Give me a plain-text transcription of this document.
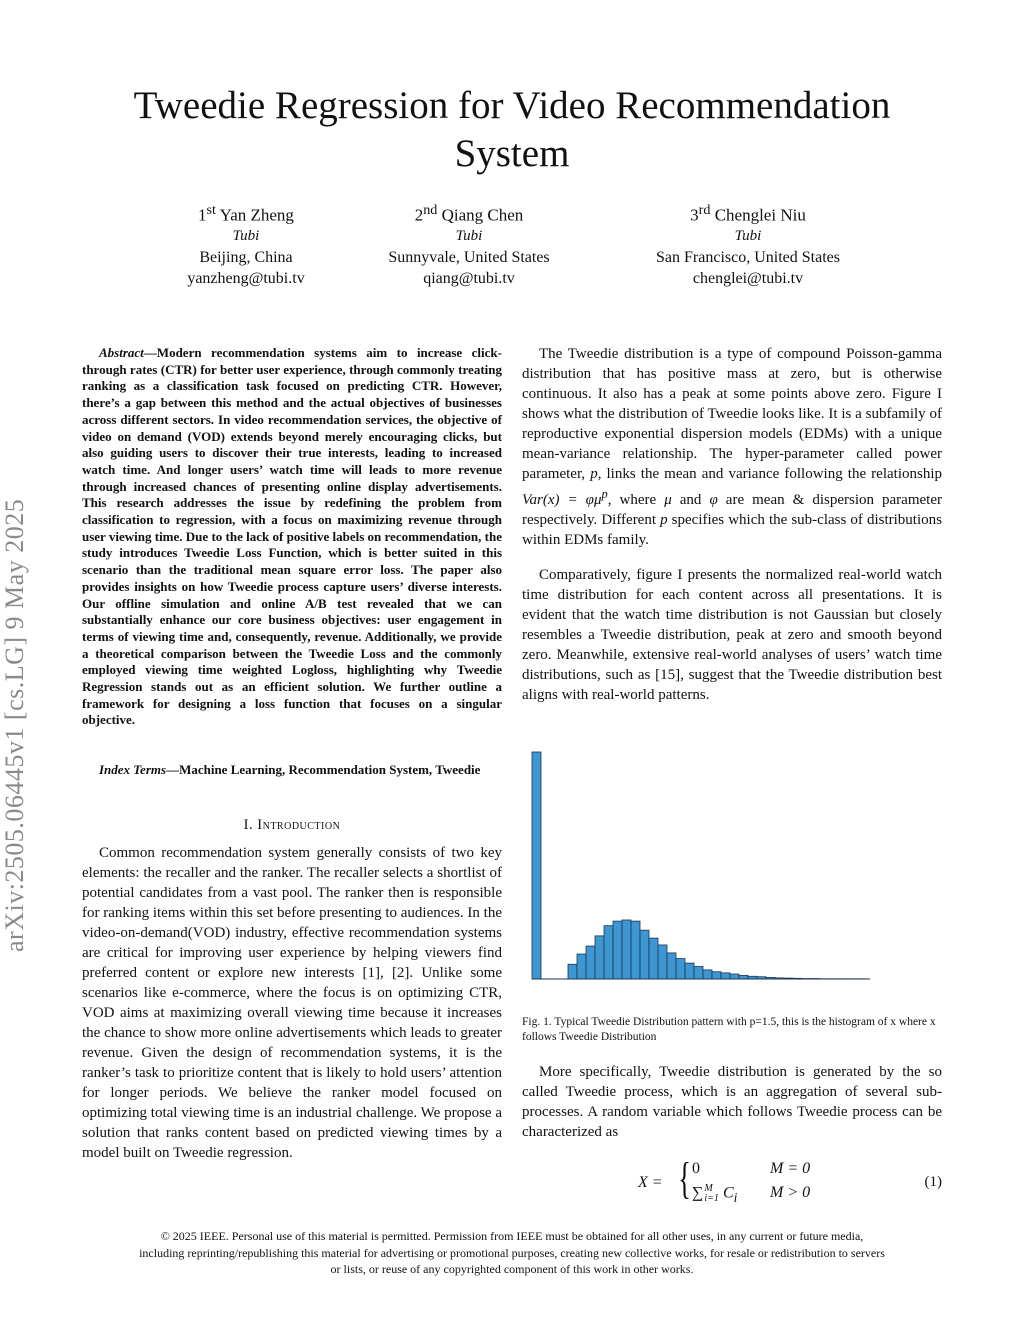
Tweedie Regression for Video Recommendation System
1st Yan Zheng
Tubi
Beijing, China
yanzheng@tubi.tv
2nd Qiang Chen
Tubi
Sunnyvale, United States
qiang@tubi.tv
3rd Chenglei Niu
Tubi
San Francisco, United States
chenglei@tubi.tv
arXiv:2505.06445v1 [cs.LG] 9 May 2025
Abstract—Modern recommendation systems aim to increase click-through rates (CTR) for better user experience, through commonly treating ranking as a classification task focused on predicting CTR. However, there’s a gap between this method and the actual objectives of businesses across different sectors. In video recommendation services, the objective of video on demand (VOD) extends beyond merely encouraging clicks, but also guiding users to discover their true interests, leading to increased watch time. And longer users’ watch time will leads to more revenue through increased chances of presenting online display advertisements. This research addresses the issue by redefining the problem from classification to regression, with a focus on maximizing revenue through user viewing time. Due to the lack of positive labels on recommendation, the study introduces Tweedie Loss Function, which is better suited in this scenario than the traditional mean square error loss. The paper also provides insights on how Tweedie process capture users’ diverse interests. Our offline simulation and online A/B test revealed that we can substantially enhance our core business objectives: user engagement in terms of viewing time and, consequently, revenue. Additionally, we provide a theoretical comparison between the Tweedie Loss and the commonly employed viewing time weighted Logloss, highlighting why Tweedie Regression stands out as an efficient solution. We further outline a framework for designing a loss function that focuses on a singular objective.
Index Terms—Machine Learning, Recommendation System, Tweedie
I. Introduction
Common recommendation system generally consists of two key elements: the recaller and the ranker. The recaller selects a shortlist of potential candidates from a vast pool. The ranker then is responsible for ranking items within this set before presenting to audiences. In the video-on-demand(VOD) industry, effective recommendation systems are critical for improving user experience by helping viewers find preferred content or explore new interests [1], [2]. Unlike some scenarios like e-commerce, where the focus is on optimizing CTR, VOD aims at maximizing overall viewing time because it increases the chance to show more online advertisements which leads to greater revenue. Given the design of recommendation systems, it is the ranker’s task to prioritize content that is likely to hold users’ attention for longer periods. We believe the ranker model focused on optimizing total viewing time is an industrial challenge. We propose a solution that ranks content based on predicted viewing times by a model built on Tweedie regression.
The Tweedie distribution is a type of compound Poisson-gamma distribution that has positive mass at zero, but is otherwise continuous. It also has a peak at some points above zero. Figure I shows what the distribution of Tweedie looks like. It is a subfamily of reproductive exponential dispersion models (EDMs) with a unique mean-variance relationship. The hyper-parameter called power parameter, p, links the mean and variance following the relationship $Var(x) = \varphi\mu^p$, where μ and φ are mean & dispersion parameter respectively. Different p specifies which the sub-class of distributions within EDMs family.
Comparatively, figure I presents the normalized real-world watch time distribution for each content across all presentations. It is evident that the watch time distribution is not Gaussian but closely resembles a Tweedie distribution, peak at zero and smooth beyond zero. Meanwhile, extensive real-world analyses of users’ watch time distributions, such as [15], suggest that the Tweedie distribution best aligns with real-world patterns.
Fig. 1. Typical Tweedie Distribution pattern with p=1.5, this is the histogram of x where x follows Tweedie Distribution
More specifically, Tweedie distribution is generated by the so called Tweedie process, which is an aggregation of several sub-processes. A random variable which follows Tweedie process can be characterized as
X = { 0	M = 0
∑ M
i=1 $C_i$ M > 0
(1)
© 2025 IEEE. Personal use of this material is permitted. Permission from IEEE must be obtained for all other uses, in any current or future media,
including reprinting/republishing this material for advertising or promotional purposes, creating new collective works, for resale or redistribution to servers
or lists, or reuse of any copyrighted component of this work in other works.
